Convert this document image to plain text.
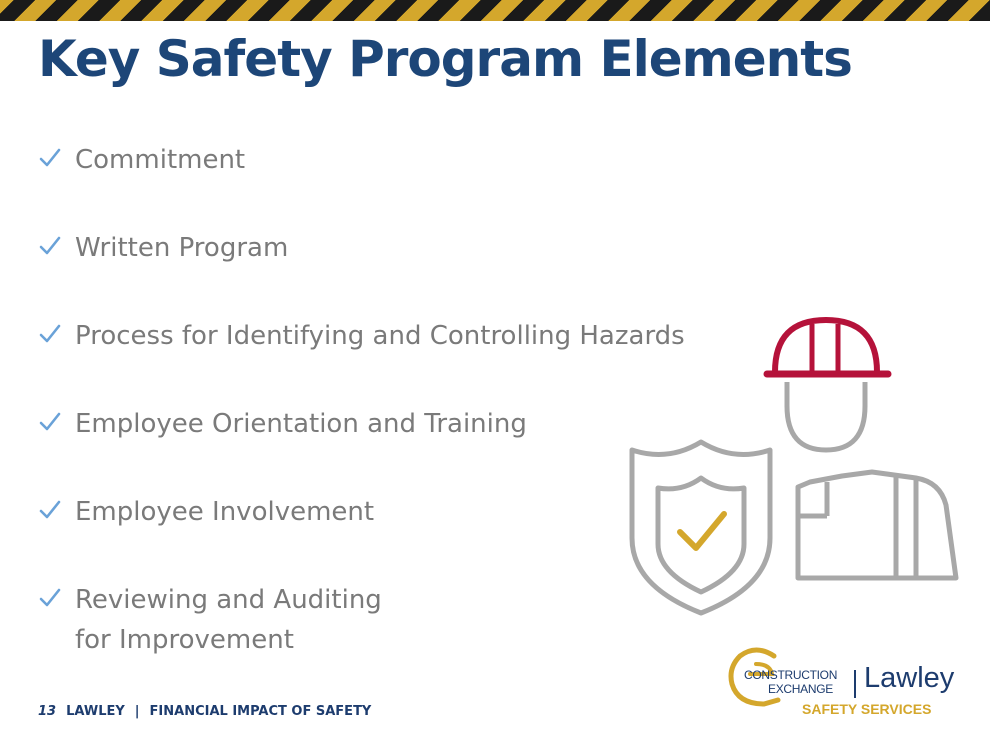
Key Safety Program Elements
Commitment
Written Program
Process for Identifying and Controlling Hazards
Employee Orientation and Training
Employee Involvement
Reviewing and Auditing
for Improvement
13 LAWLEY | FINANCIAL IMPACT OF SAFETY
CONSTRUCTION
EXCHANGE Lawley
SAFETY SERVICES
